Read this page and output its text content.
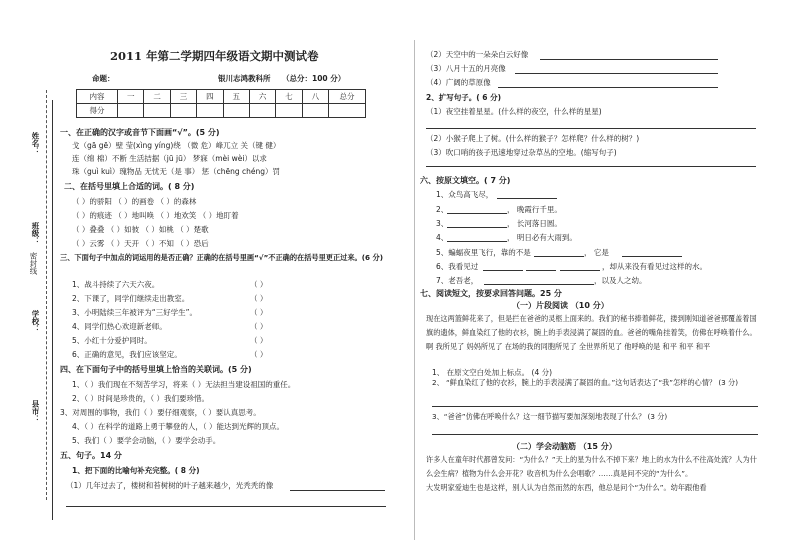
姓名：
班级：
密封线
学校：
县市：
2011 年第二学期四年级语文期中测试卷
命题：	银川志鸿教科所 （总分：100 分）
内容	一	二	三	四	五	六	七	八	总分
得分									
一、在正确的汉字或音节下面画“√”。(5 分)
戈（gā gē）壁 莹(xìng yíng)绕 （微 危）峰兀立 关（键 健）
连（绵 棉）不断 生活拮据（jū jū） 梦寐（mèi wèi）以求
珠（guì kuì）瑰物品 无忧无（是 事） 惩（chēng chéng）罚
二、在括号里填上合适的词。( 8 分)
（ ）的骄阳 （ ）的画卷 （ ）的森林
（ ）的痕迹 （ ）地叫唤 （ ）地欢笑 （ ）地盯着
（ ）叠叠 （ ）如彼 （ ）如桃 （ ）楚歌
（ ）云雾 （ ）天开 （ ）不知 （ ）恐后
三、下面句子中加点的词运用的是否正确？正确的在括号里画“√”不正确的在括号里更正过来。(6 分)
1、战斗持续了六天六夜。	（ ）
2、下课了，同学们继续走出教室。	（ ）
3、小明陆续三年被评为“三好学生”。	（ ）
4、同学们热心欢迎新老师。	（ ）
5、小红十分爱护同时。	（ ）
6、正确的意见，我们应该坚定。	（ ）
四、在下面句子中的括号里填上恰当的关联词。(5 分)
1、（ ）我们现在不刻苦学习，将来（ ）无法担当建设祖国的重任。
2、（ ）时间是珍贵的，（ ）我们要珍惜。
3、对周围的事物，我们（ ）要仔细观察，（ ）要认真思考。
4、（ ）在科学的道路上勇于攀登的人，（ ）能达到光辉的顶点。
5、我们（ ）要学会动脑，（ ）要学会动手。
五、句子。14 分
1、把下面的比喻句补充完整。( 8 分)
（1）几年过去了，楼树和苔树树的叶子越来越少，光秃秃的像
（2）天空中的一朵朵白云好像
（3）八月十五的月亮像
（4）广阔的草原像
2、扩写句子。( 6 分)
（1）夜空挂着星星。(什么样的夜空，什么样的星星)
（2）小猴子爬上了树。(什么样的猴子？怎样爬？什么样的树？)
（3）吹口哨的孩子迅速地穿过杂草丛的空地。(缩写句子)
六、按原文填空。( 7 分)
1、众鸟高飞尽，
2、	， 晚霞行千里。
3、	， 长河落日圆。
4、	， 明日必有大雨到。
5、蝙蝠夜里飞行，靠的不是	， 它是
6、我看见过	，却从来没有看见过这样的水。
7、老吾老，	，以及人之幼。
七、阅读短文，按要求回答问题。25 分
（一）片段阅读 （10 分）
现在这两篮鲜花来了，但是拦在爸爸的灵柩上面来的。我们的秘书捧着鲜花，搂到刚知道爸爸那覆盖着国旗的遗体，鲜血染红了他的衣衫，腕上的手表浸满了凝固的血。爸爸的嘴角挂着笑，仿佛在呼唤着什么。啊 我所见了 妈妈所见了 在场的我的同胞所见了 全世界所见了 他呼唤的是 和平 和平 和平
1、 在原文空白处加上标点。 (4 分)
2、 “鲜血染红了他的衣衫，腕上的手表浸满了凝固的血。”这句话表达了“我”怎样的心情？ (3 分)
3、“爸爸”仿佛在呼唤什么？这一细节描写要加深刻地表现了什么？ (3 分)
（二）学会动脑筋 （15 分）
许多人在童年时代都曾发问：“为什么？”天上的星为什么不掉下来？地上的水为什么不往高处流？人为什么会生病？植物为什么会开花？收音机为什么会唱歌？……真是问不完的“为什么”。
大发明家爱迪生也是这样，别人认为自然而然的东西，他总是问个“为什么”。幼年跟他看
